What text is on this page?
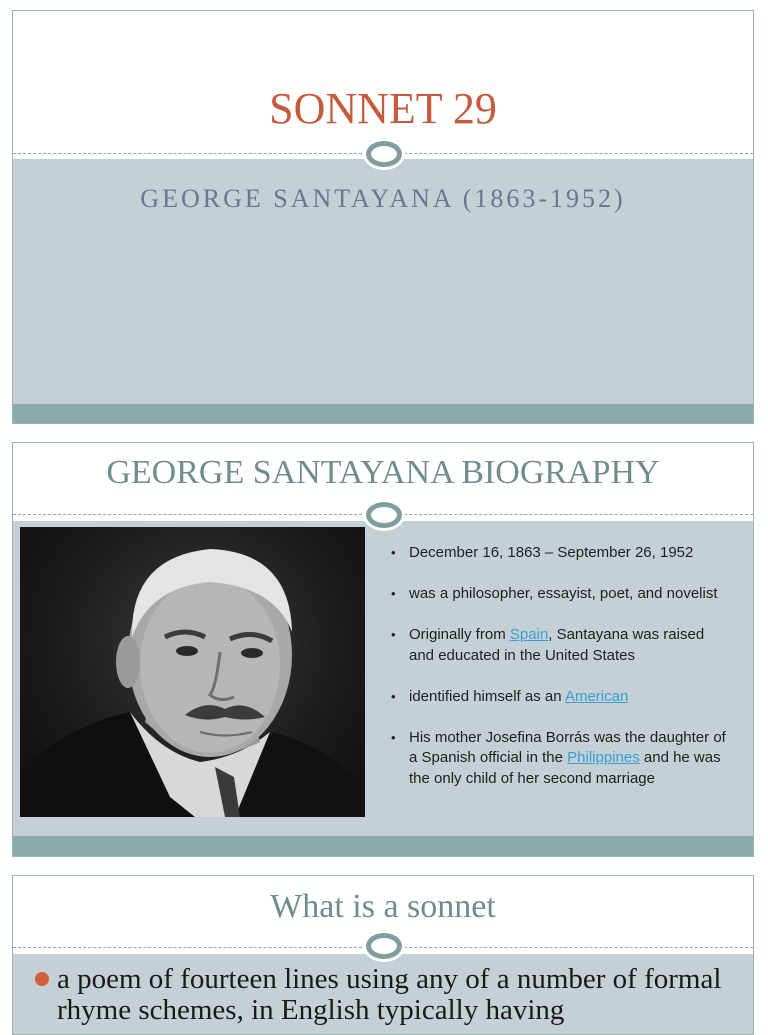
SONNET 29
GEORGE SANTAYANA (1863-1952)
GEORGE SANTAYANA BIOGRAPHY
• December 16, 1863 – September 26, 1952
• was a philosopher, essayist, poet, and novelist
• Originally from Spain, Santayana was raised and educated in the United States
• identified himself as an American
• His mother Josefina Borrás was the daughter of a Spanish official in the Philippines and he was the only child of her second marriage
What is a sonnet
a poem of fourteen lines using any of a number of formal rhyme schemes, in English typically having
